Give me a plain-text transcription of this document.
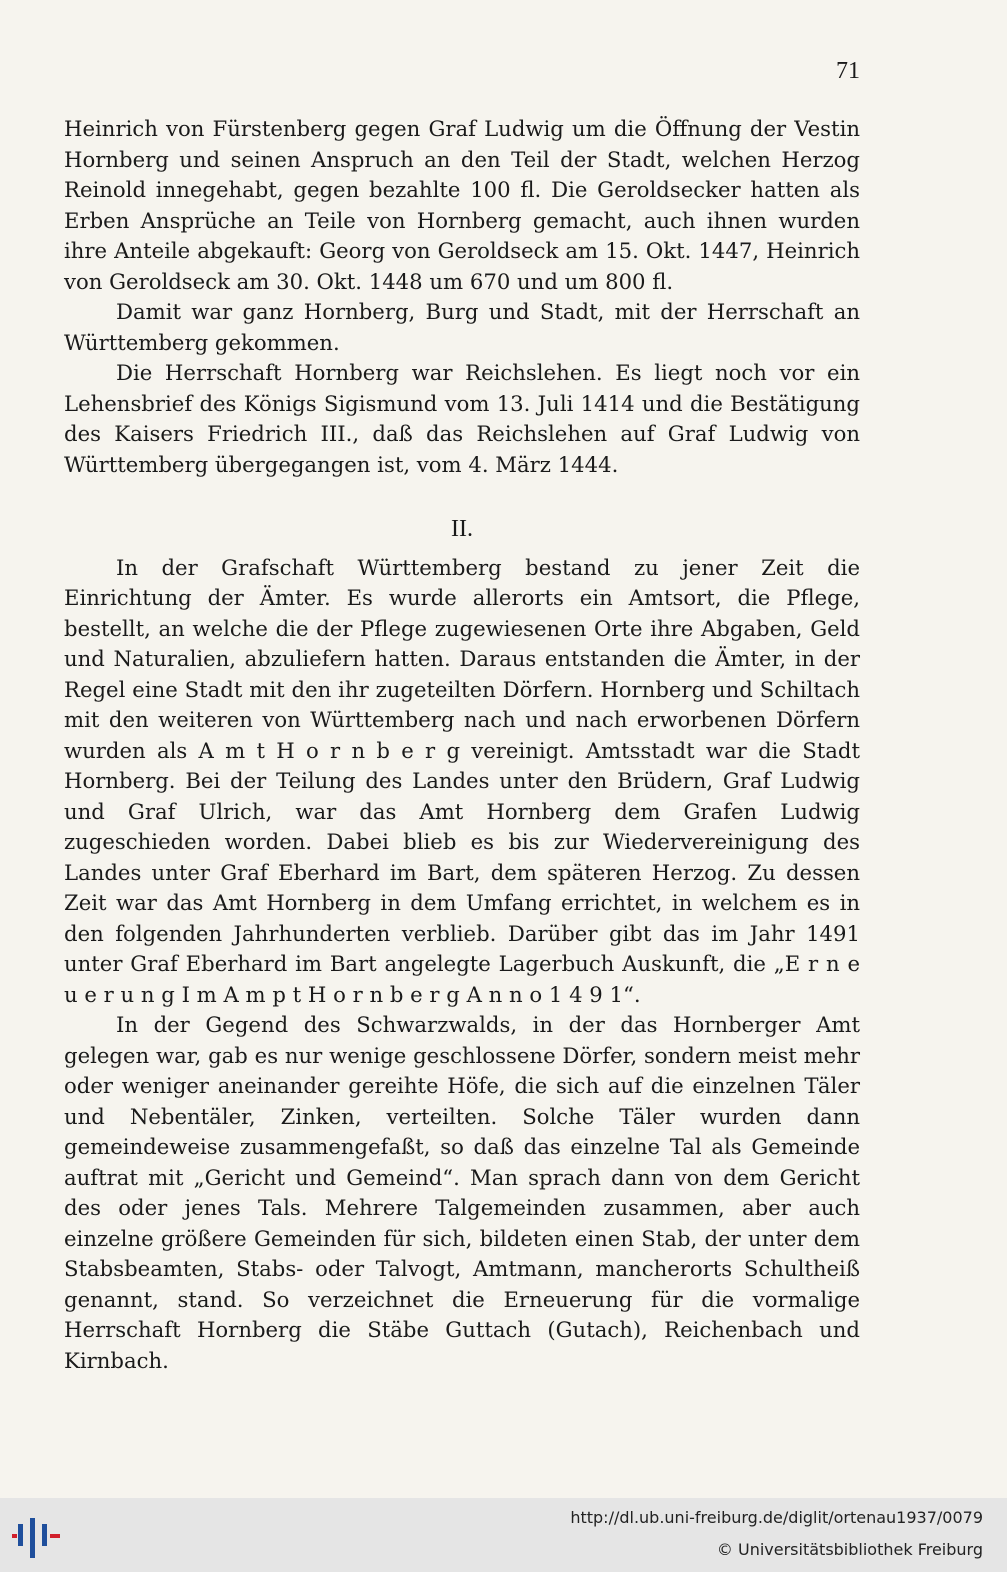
71

Heinrich von Fürstenberg gegen Graf Ludwig um die Öffnung der Vestin Hornberg und seinen Anspruch an den Teil der Stadt, welchen Herzog Reinold innegehabt, gegen bezahlte 100 fl. Die Geroldsecker hatten als Erben Ansprüche an Teile von Hornberg gemacht, auch ihnen wurden ihre Anteile abgekauft: Georg von Geroldseck am 15. Okt. 1447, Heinrich von Geroldseck am 30. Okt. 1448 um 670 und um 800 fl.

Damit war ganz Hornberg, Burg und Stadt, mit der Herrschaft an Württemberg gekommen.

Die Herrschaft Hornberg war Reichslehen. Es liegt noch vor ein Lehensbrief des Königs Sigismund vom 13. Juli 1414 und die Bestätigung des Kaisers Friedrich III., daß das Reichslehen auf Graf Ludwig von Württemberg übergegangen ist, vom 4. März 1444.

II.

In der Grafschaft Württemberg bestand zu jener Zeit die Einrichtung der Ämter. Es wurde allerorts ein Amtsort, die Pflege, bestellt, an welche die der Pflege zugewiesenen Orte ihre Abgaben, Geld und Naturalien, abzuliefern hatten. Daraus entstanden die Ämter, in der Regel eine Stadt mit den ihr zugeteilten Dörfern. Hornberg und Schiltach mit den weiteren von Württemberg nach und nach erworbenen Dörfern wurden als A m t H o r n b e r g vereinigt. Amtsstadt war die Stadt Hornberg. Bei der Teilung des Landes unter den Brüdern, Graf Ludwig und Graf Ulrich, war das Amt Hornberg dem Grafen Ludwig zugeschieden worden. Dabei blieb es bis zur Wiedervereinigung des Landes unter Graf Eberhard im Bart, dem späteren Herzog. Zu dessen Zeit war das Amt Hornberg in dem Umfang errichtet, in welchem es in den folgenden Jahrhunderten verblieb. Darüber gibt das im Jahr 1491 unter Graf Eberhard im Bart angelegte Lagerbuch Auskunft, die „E r n e u e r u n g I m A m p t H o r n b e r g A n n o 1 4 9 1“.

In der Gegend des Schwarzwalds, in der das Hornberger Amt gelegen war, gab es nur wenige geschlossene Dörfer, sondern meist mehr oder weniger aneinander gereihte Höfe, die sich auf die einzelnen Täler und Nebentäler, Zinken, verteilten. Solche Täler wurden dann gemeindeweise zusammengefaßt, so daß das einzelne Tal als Gemeinde auftrat mit „Gericht und Gemeind“. Man sprach dann von dem Gericht des oder jenes Tals. Mehrere Talgemeinden zusammen, aber auch einzelne größere Gemeinden für sich, bildeten einen Stab, der unter dem Stabsbeamten, Stabs- oder Talvogt, Amtmann, mancherorts Schultheiß genannt, stand. So verzeichnet die Erneuerung für die vormalige Herrschaft Hornberg die Stäbe Guttach (Gutach), Reichenbach und Kirnbach.

http://dl.ub.uni-freiburg.de/diglit/ortenau1937/0079
© Universitätsbibliothek Freiburg
